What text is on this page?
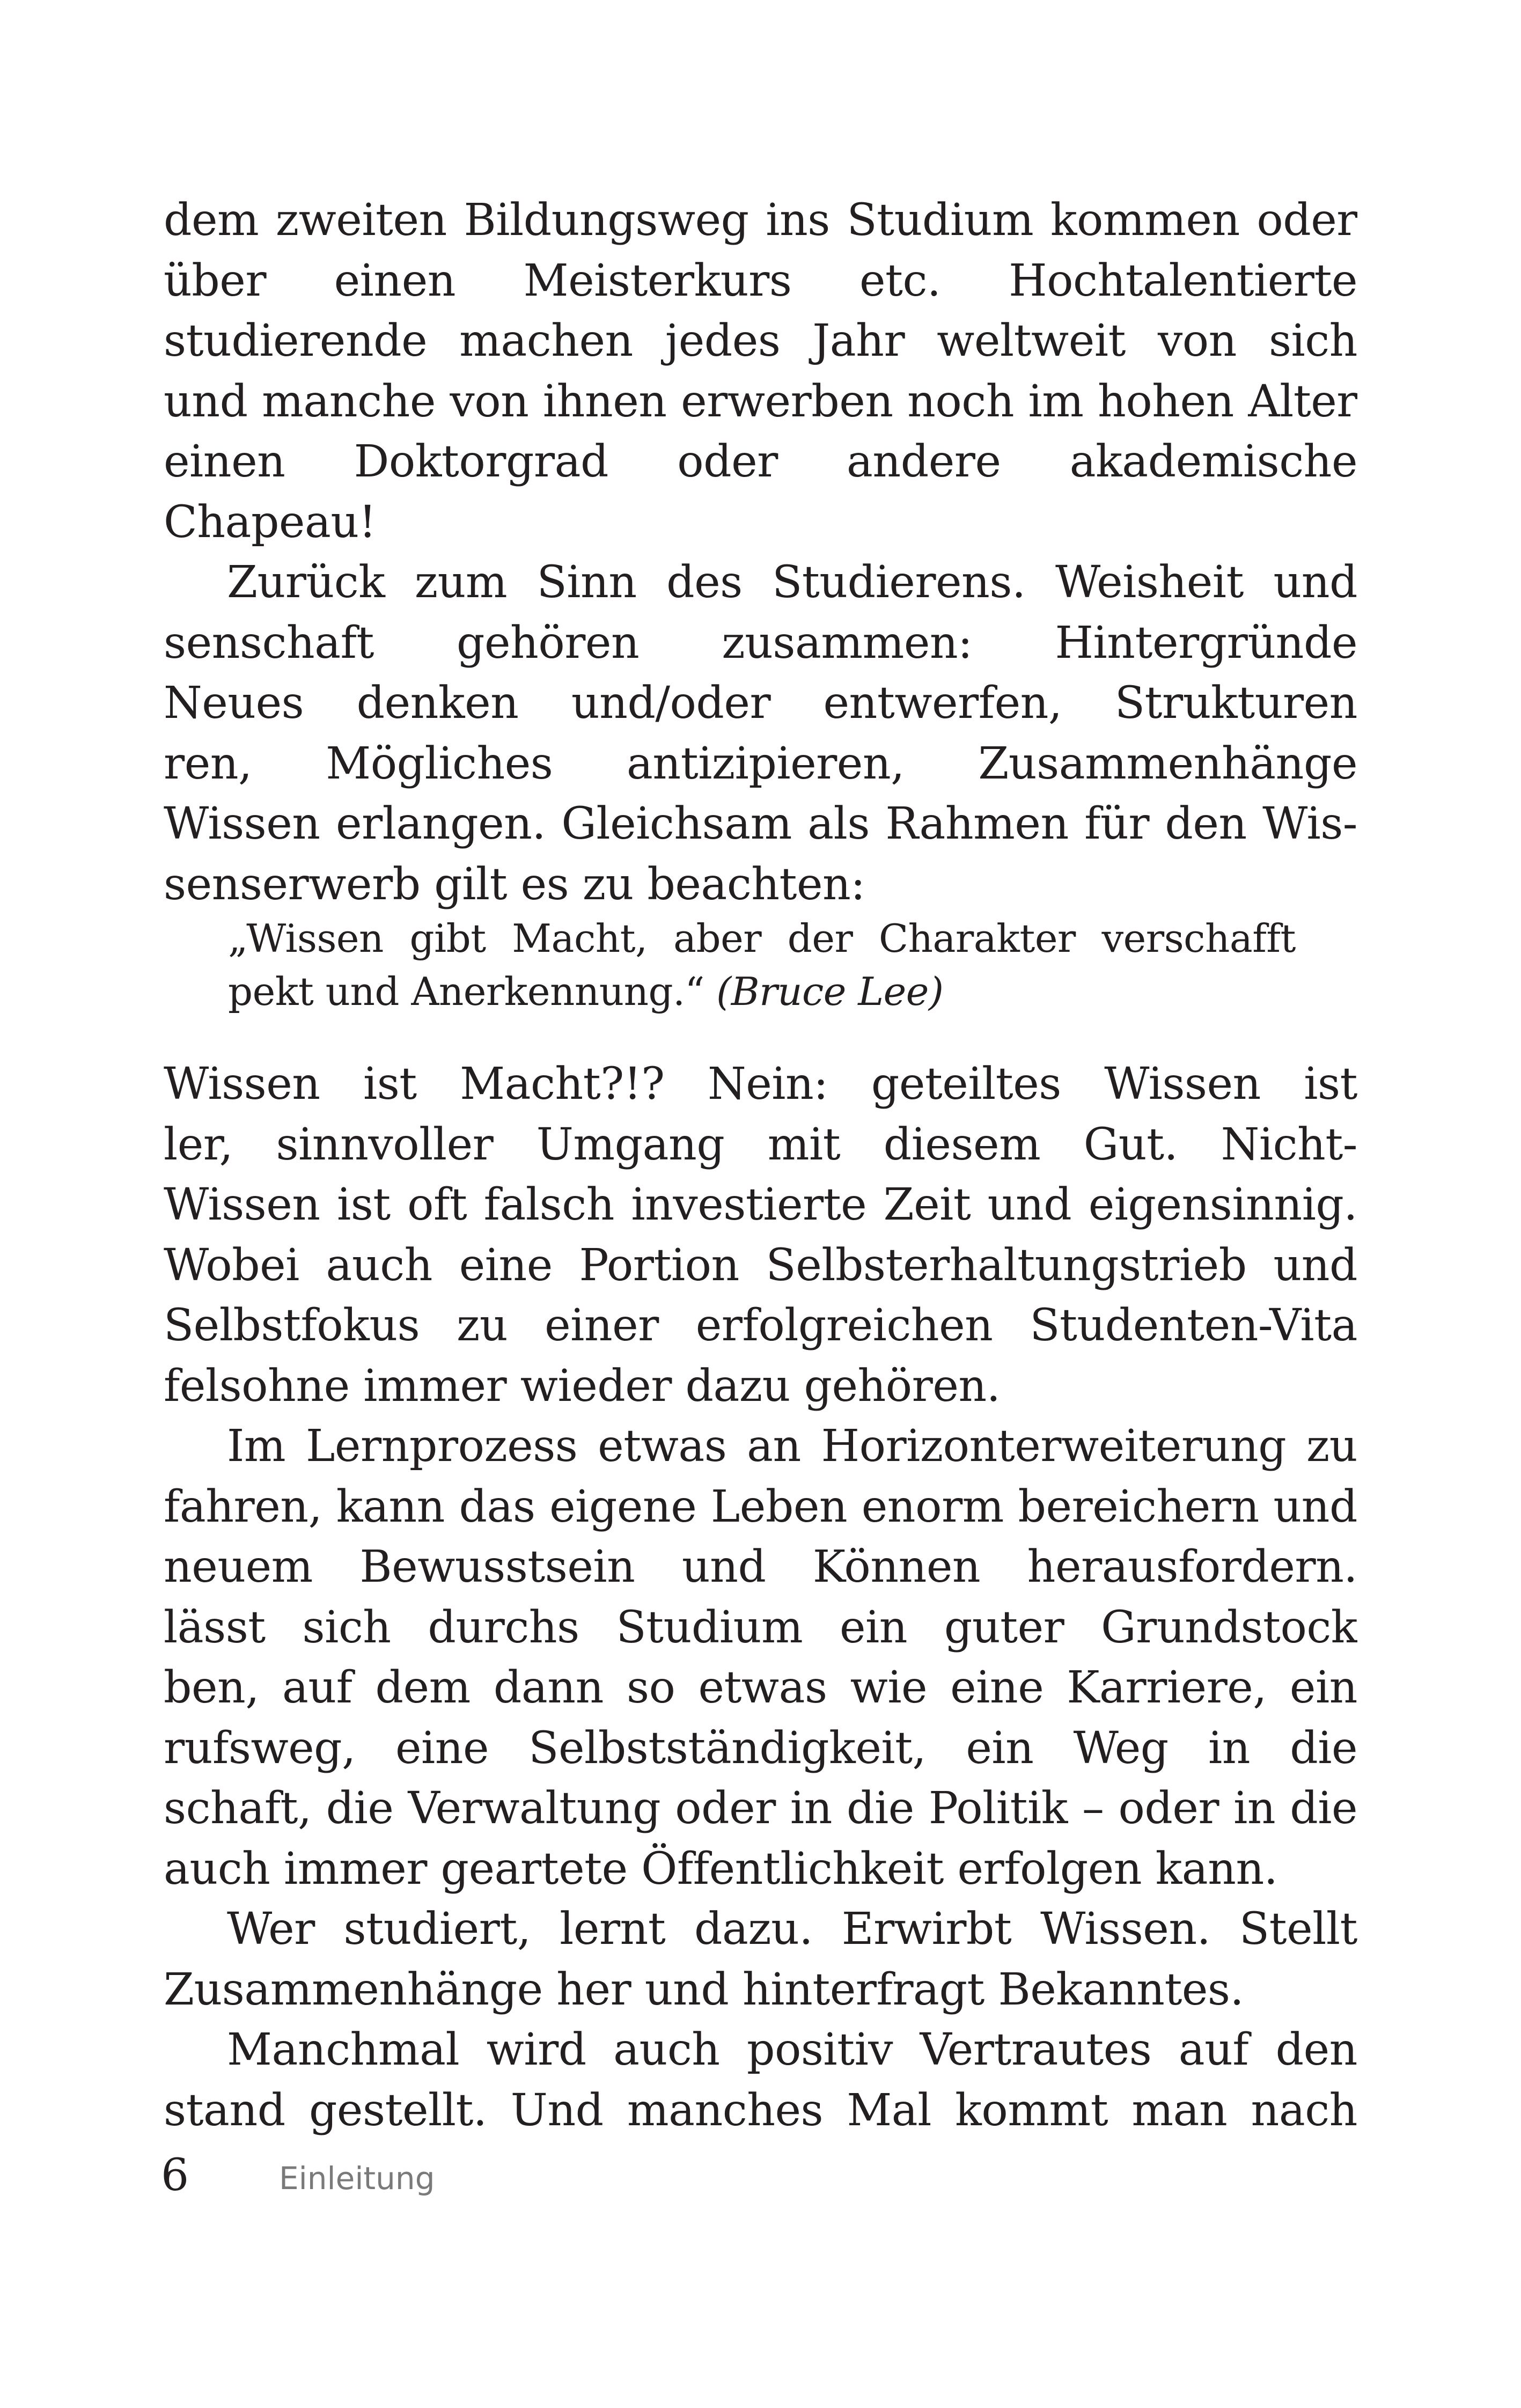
dem zweiten Bildungsweg ins Studium kommen oder
über einen Meisterkurs etc. Hochtalentierte
studierende machen jedes Jahr weltweit von sich
und manche von ihnen erwerben noch im hohen Alter
einen Doktorgrad oder andere akademische
Chapeau!
Zurück zum Sinn des Studierens. Weisheit und
senschaft gehören zusammen: Hintergründe
Neues denken und/oder entwerfen, Strukturen
ren, Mögliches antizipieren, Zusammenhänge
Wissen erlangen. Gleichsam als Rahmen für den Wis-
senserwerb gilt es zu beachten:
„Wissen gibt Macht, aber der Charakter verschafft
pekt und Anerkennung.“ (Bruce Lee)
Wissen ist Macht?!? Nein: geteiltes Wissen ist
ler, sinnvoller Umgang mit diesem Gut. Nicht-
Wissen ist oft falsch investierte Zeit und eigensinnig.
Wobei auch eine Portion Selbsterhaltungstrieb und
Selbstfokus zu einer erfolgreichen Studenten-Vita
felsohne immer wieder dazu gehören.
Im Lernprozess etwas an Horizonterweiterung zu
fahren, kann das eigene Leben enorm bereichern und
neuem Bewusstsein und Können herausfordern.
lässt sich durchs Studium ein guter Grundstock
ben, auf dem dann so etwas wie eine Karriere, ein
rufsweg, eine Selbstständigkeit, ein Weg in die
schaft, die Verwaltung oder in die Politik – oder in die
auch immer geartete Öffentlichkeit erfolgen kann.
Wer studiert, lernt dazu. Erwirbt Wissen. Stellt
Zusammenhänge her und hinterfragt Bekanntes.
Manchmal wird auch positiv Vertrautes auf den
stand gestellt. Und manches Mal kommt man nach
6	Einleitung
